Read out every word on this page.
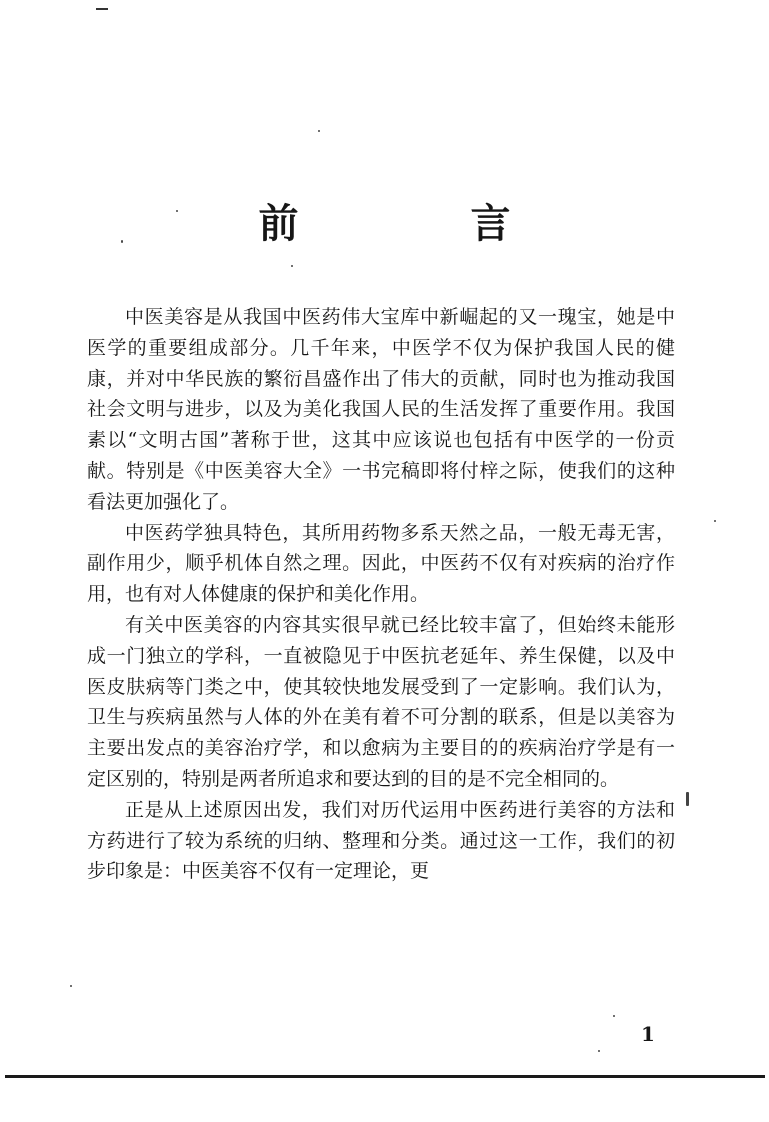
前　言

中医美容是从我国中医药伟大宝库中新崛起的又一瑰宝，她是中医学的重要组成部分。几千年来，中医学不仅为保护我国人民的健康，并对中华民族的繁衍昌盛作出了伟大的贡献，同时也为推动我国社会文明与进步，以及为美化我国人民的生活发挥了重要作用。我国素以“文明古国”著称于世，这其中应该说也包括有中医学的一份贡献。特别是《中医美容大全》一书完稿即将付梓之际，使我们的这种看法更加强化了。

中医药学独具特色，其所用药物多系天然之品，一般无毒无害，副作用少，顺乎机体自然之理。因此，中医药不仅有对疾病的治疗作用，也有对人体健康的保护和美化作用。

有关中医美容的内容其实很早就已经比较丰富了，但始终未能形成一门独立的学科，一直被隐见于中医抗老延年、养生保健，以及中医皮肤病等门类之中，使其较快地发展受到了一定影响。我们认为，卫生与疾病虽然与人体的外在美有着不可分割的联系，但是以美容为主要出发点的美容治疗学，和以愈病为主要目的的疾病治疗学是有一定区别的，特别是两者所追求和要达到的目的是不完全相同的。

正是从上述原因出发，我们对历代运用中医药进行美容的方法和方药进行了较为系统的归纳、整理和分类。通过这一工作，我们的初步印象是：中医美容不仅有一定理论，更

1
